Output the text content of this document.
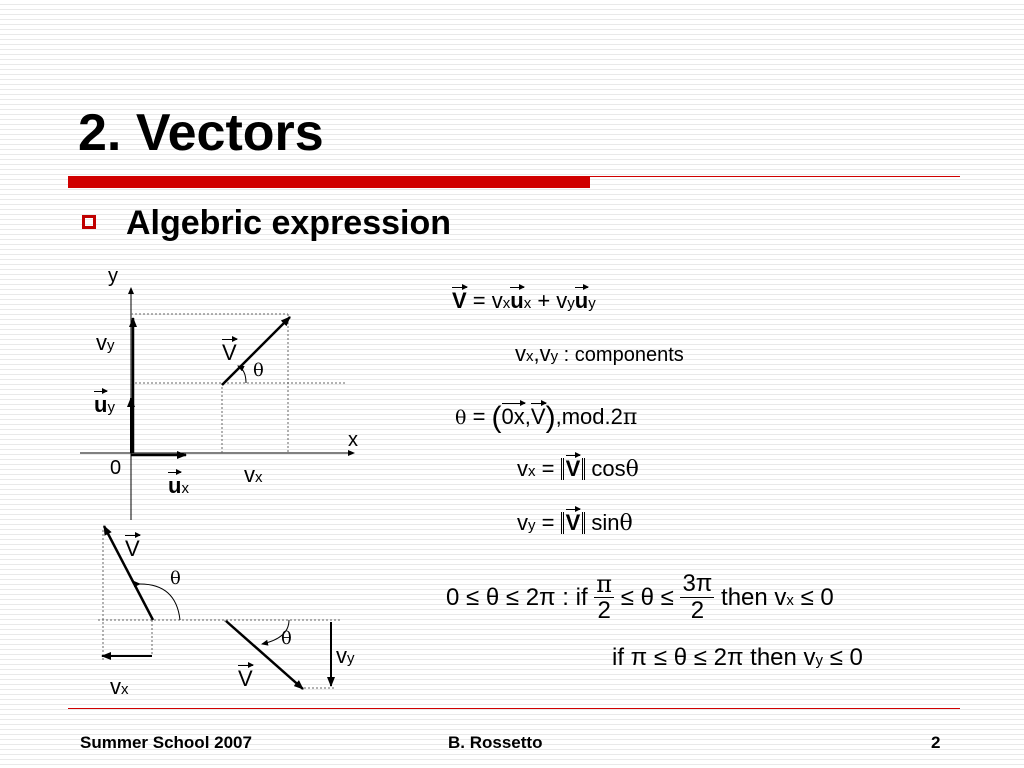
2. Vectors
Algebric expression
y
x
0
vy
uy
ux
vx
V
θ
V
θ
vx	V
θ
vy
V = vxux + vyuy
vx,vy : components
θ = (0x,V),mod.2π
vx = V cosθ
vy = V sinθ
0 ≤ θ ≤ 2π : if $\frac{\pi}{2} \le \theta \le \frac{3\pi}{2}$ then vx ≤ 0
if π ≤ θ ≤ 2π then vy ≤ 0
Summer School 2007	B. Rossetto	2
